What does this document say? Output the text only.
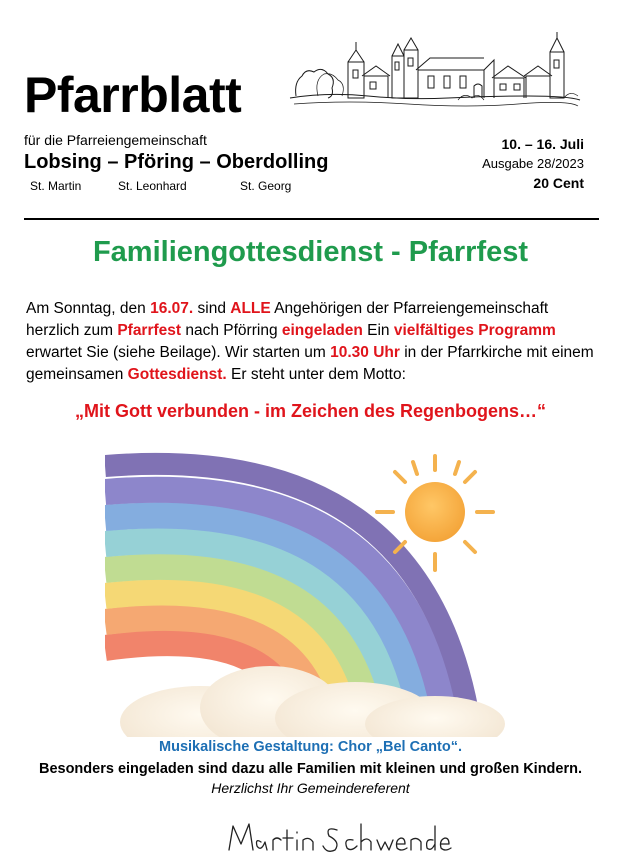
Pfarrblatt
für die Pfarreiengemeinschaft
Lobsing – Pföring – Oberdolling
St. Martin	St. Leonhard	St. Georg
10. – 16. Juli
Ausgabe 28/2023
20 Cent
Familiengottesdienst - Pfarrfest
Am Sonntag, den 16.07. sind ALLE Angehörigen der Pfarreiengemeinschaft herzlich zum Pfarrfest nach Pförring eingeladen Ein vielfältiges Programm erwartet Sie (siehe Beilage). Wir starten um 10.30 Uhr in der Pfarrkirche mit einem gemeinsamen Gottesdienst. Er steht unter dem Motto:
„Mit Gott verbunden - im Zeichen des Regenbogens…“
Musikalische Gestaltung: Chor „Bel Canto“.
Besonders eingeladen sind dazu alle Familien mit kleinen und großen Kindern.
Herzlichst Ihr Gemeindereferent
